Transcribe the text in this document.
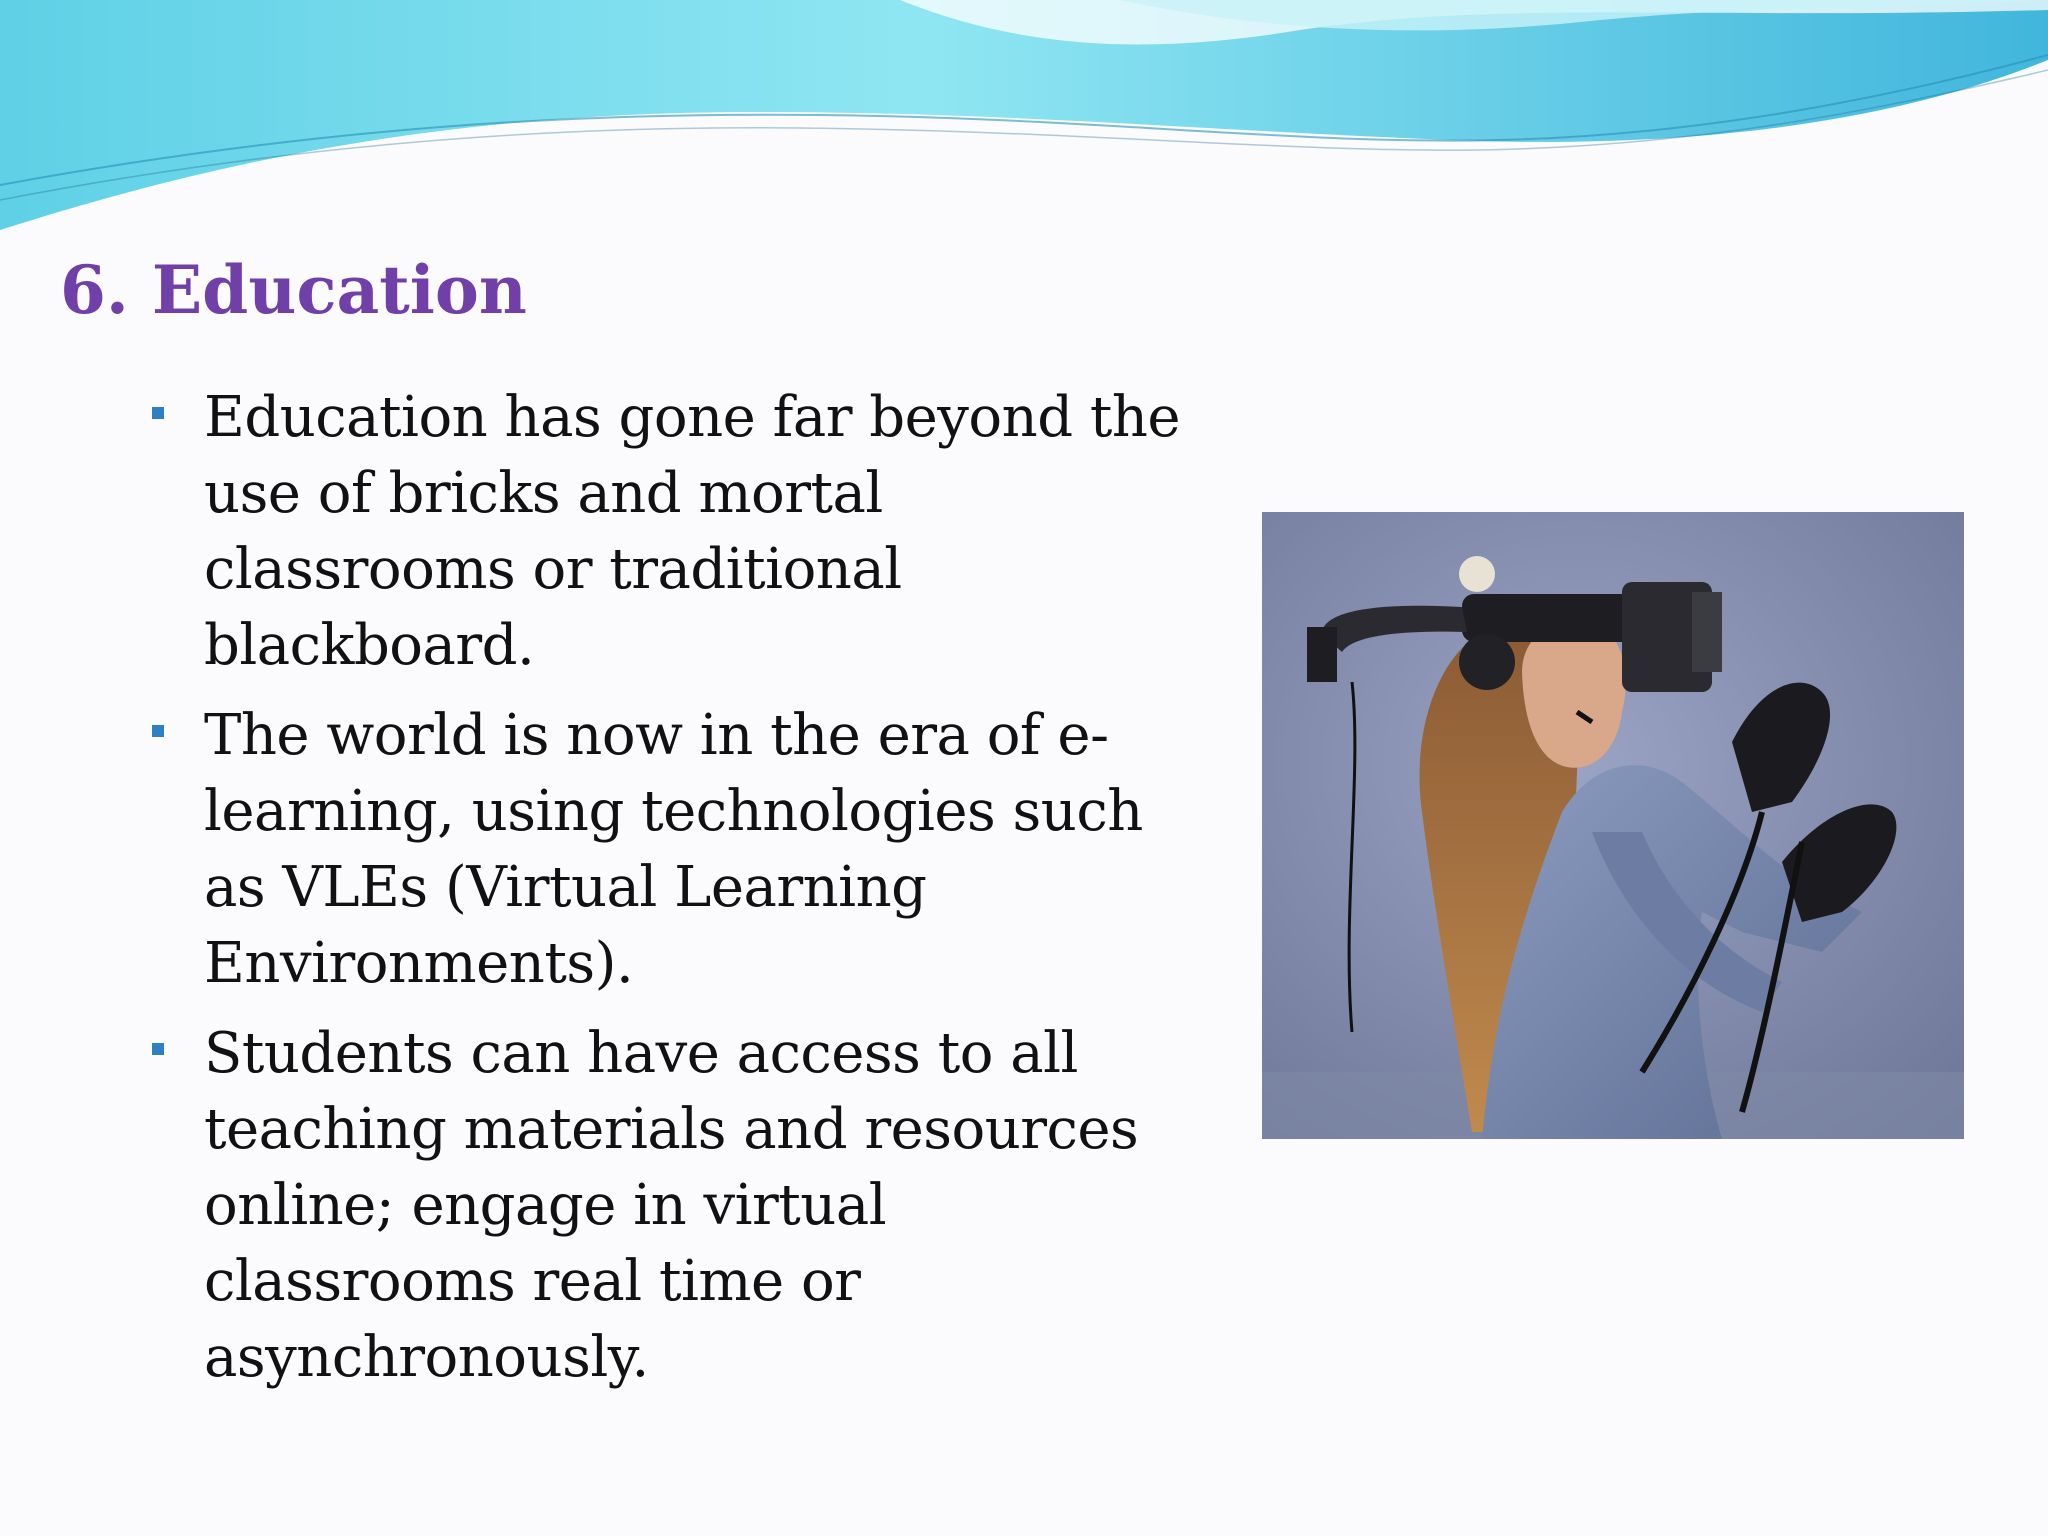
6. Education
Education has gone far beyond the use of bricks and mortal classrooms or traditional blackboard.
The world is now in the era of e-learning, using technologies such as VLEs (Virtual Learning Environments).
Students can have access to all teaching materials and resources online; engage in virtual classrooms real time or asynchronously.
